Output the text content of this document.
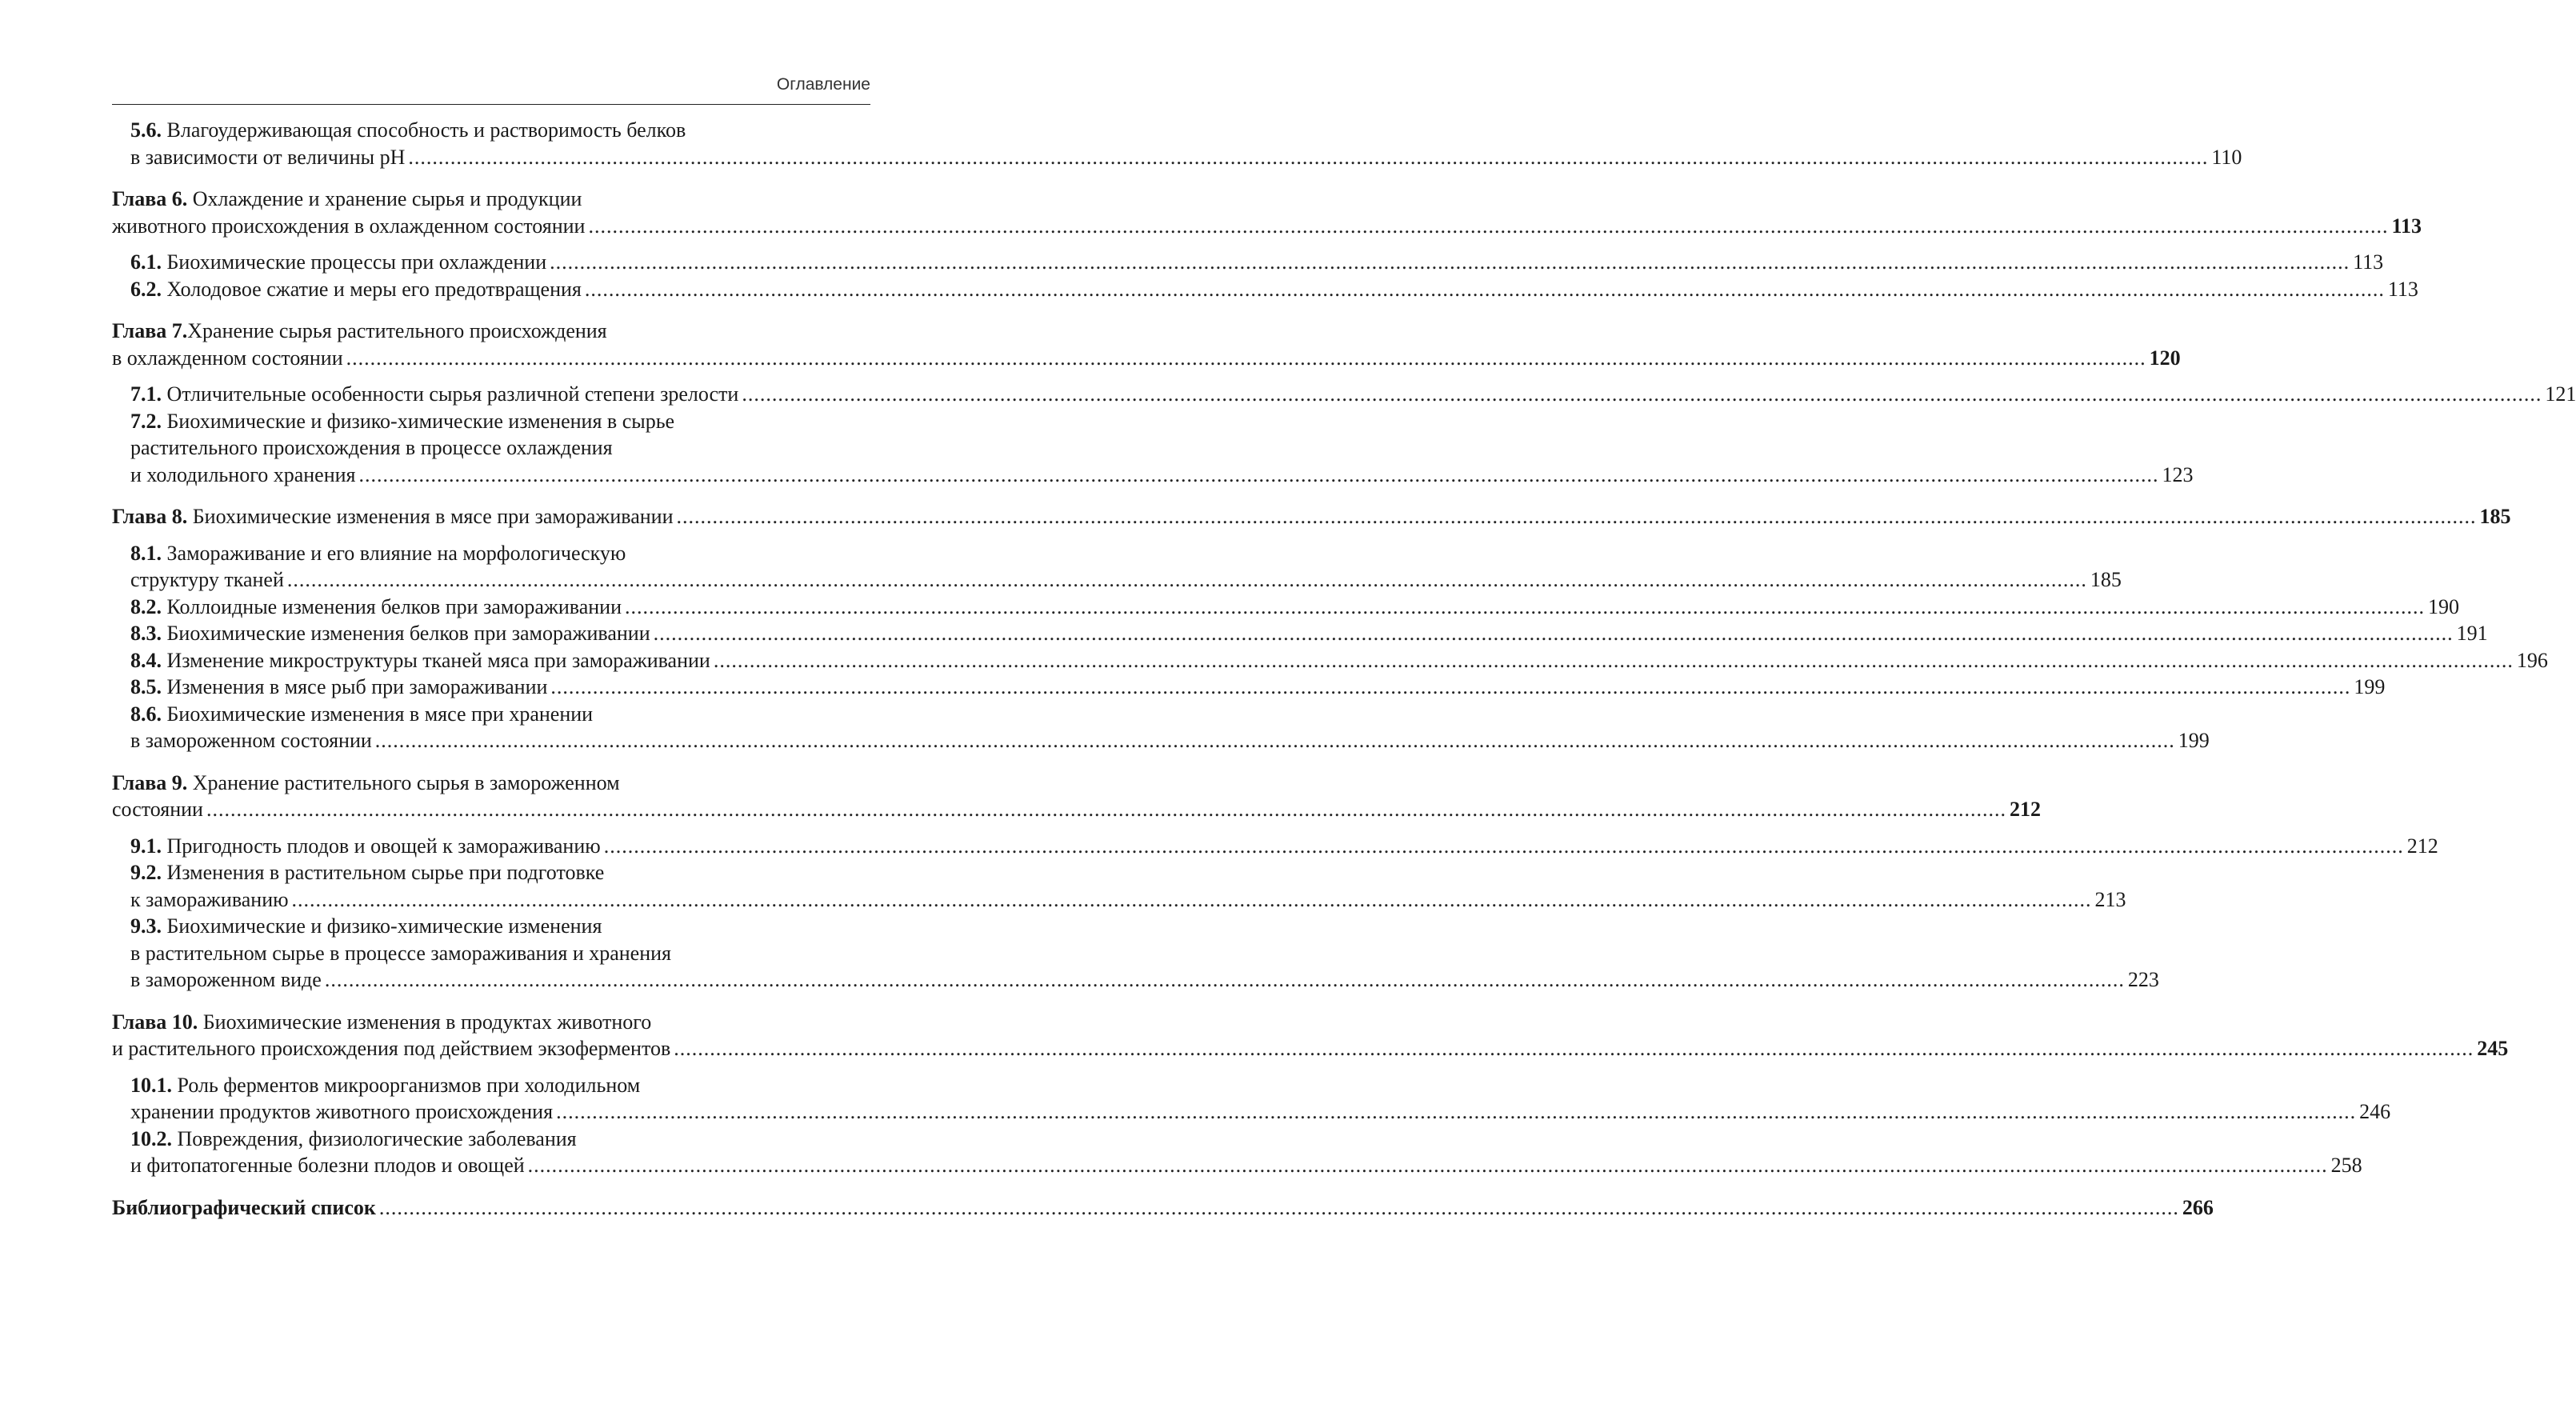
Оглавление
5.6. Влагоудерживающая способность и растворимость белков
в зависимости от величины рН ............................................................................................................................................................................................................................................................................................................ 110
Глава 6. Охлаждение и хранение сырья и продукции
животного происхождения в охлажденном состоянии ............................................................................................................................................................................................................................................................................................................ 113
6.1. Биохимические процессы при охлаждении ............................................................................................................................................................................................................................................................................................................ 113
6.2. Холодовое сжатие и меры его предотвращения ............................................................................................................................................................................................................................................................................................................ 113
Глава 7.Хранение сырья растительного происхождения
в охлажденном состоянии ............................................................................................................................................................................................................................................................................................................ 120
7.1. Отличительные особенности сырья различной степени зрелости ............................................................................................................................................................................................................................................................................................................ 121
7.2. Биохимические и физико-химические изменения в сырье
растительного происхождения в процессе охлаждения
и холодильного хранения ............................................................................................................................................................................................................................................................................................................ 123
Глава 8. Биохимические изменения в мясе при замораживании ............................................................................................................................................................................................................................................................................................................ 185
8.1. Замораживание и его влияние на морфологическую
структуру тканей ............................................................................................................................................................................................................................................................................................................ 185
8.2. Коллоидные изменения белков при замораживании ............................................................................................................................................................................................................................................................................................................ 190
8.3. Биохимические изменения белков при замораживании ............................................................................................................................................................................................................................................................................................................ 191
8.4. Изменение микроструктуры тканей мяса при замораживании ............................................................................................................................................................................................................................................................................................................ 196
8.5. Изменения в мясе рыб при замораживании ............................................................................................................................................................................................................................................................................................................ 199
8.6. Биохимические изменения в мясе при хранении
в замороженном состоянии ............................................................................................................................................................................................................................................................................................................ 199
Глава 9. Хранение растительного сырья в замороженном
состоянии ............................................................................................................................................................................................................................................................................................................ 212
9.1. Пригодность плодов и овощей к замораживанию ............................................................................................................................................................................................................................................................................................................ 212
9.2. Изменения в растительном сырье при подготовке
к замораживанию ............................................................................................................................................................................................................................................................................................................ 213
9.3. Биохимические и физико-химические изменения
в растительном сырье в процессе замораживания и хранения
в замороженном виде ............................................................................................................................................................................................................................................................................................................ 223
Глава 10. Биохимические изменения в продуктах животного
и растительного происхождения под действием экзоферментов ............................................................................................................................................................................................................................................................................................................ 245
10.1. Роль ферментов микроорганизмов при холодильном
хранении продуктов животного происхождения ............................................................................................................................................................................................................................................................................................................ 246
10.2. Повреждения, физиологические заболевания
и фитопатогенные болезни плодов и овощей ............................................................................................................................................................................................................................................................................................................ 258
Библиографический список ............................................................................................................................................................................................................................................................................................................ 266
